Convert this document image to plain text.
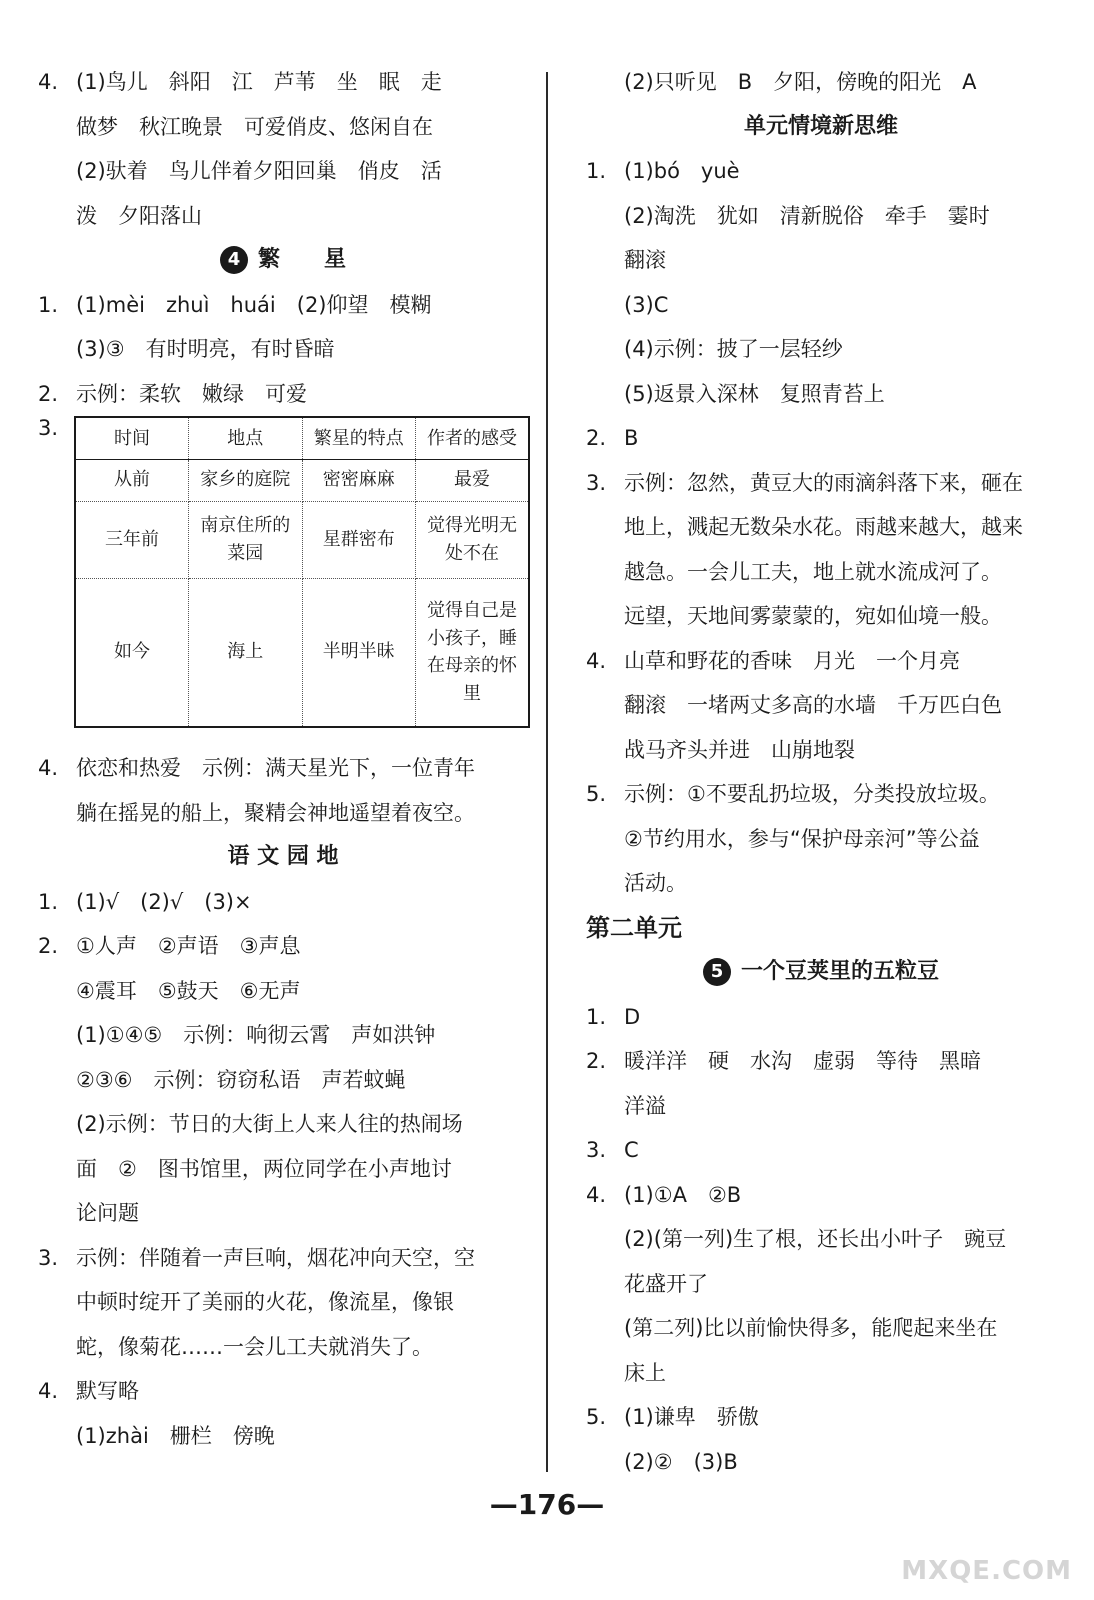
4. (1)鸟儿　斜阳　江　芦苇　坐　眠　走
做梦　秋江晚景　可爱俏皮、悠闲自在
(2)驮着　鸟儿伴着夕阳回巢　俏皮　活
泼　夕阳落山
4 繁　　星
1. (1)mèi　zhuì　huái　(2)仰望　模糊
(3)③　有时明亮，有时昏暗
2. 示例：柔软　嫩绿　可爱
3.	时间	地点	繁星的特点	作者的感受
从前	家乡的庭院	密密麻麻	最爱
三年前	南京住所的菜园	星群密布	觉得光明无处不在
如今	海上	半明半昧	觉得自己是小孩子，睡在母亲的怀里
4. 依恋和热爱　示例：满天星光下，一位青年
躺在摇晃的船上，聚精会神地遥望着夜空。
语 文 园 地
1. (1)√　(2)√　(3)×
2. ①人声　②声语　③声息
④震耳　⑤鼓天　⑥无声
(1)①④⑤　示例：响彻云霄　声如洪钟
②③⑥　示例：窃窃私语　声若蚊蝇
(2)示例：节日的大街上人来人往的热闹场
面　②　图书馆里，两位同学在小声地讨
论问题
3. 示例：伴随着一声巨响，烟花冲向天空，空
中顿时绽开了美丽的火花，像流星，像银
蛇，像菊花……一会儿工夫就消失了。
4. 默写略
(1)zhài　栅栏　傍晚
(2)只听见　B　夕阳，傍晚的阳光　A
单元情境新思维
1. (1)bó　yuè
(2)淘洗　犹如　清新脱俗　牵手　霎时
翻滚
(3)C
(4)示例：披了一层轻纱
(5)返景入深林　复照青苔上
2. B
3. 示例：忽然，黄豆大的雨滴斜落下来，砸在
地上，溅起无数朵水花。雨越来越大，越来
越急。一会儿工夫，地上就水流成河了。
远望，天地间雾蒙蒙的，宛如仙境一般。
4. 山草和野花的香味　月光　一个月亮
翻滚　一堵两丈多高的水墙　千万匹白色
战马齐头并进　山崩地裂
5. 示例：①不要乱扔垃圾，分类投放垃圾。
②节约用水，参与“保护母亲河”等公益
活动。
第二单元
5 一个豆荚里的五粒豆
1. D
2. 暖洋洋　硬　水沟　虚弱　等待　黑暗
洋溢
3. C
4. (1)①A　②B
(2)(第一列)生了根，还长出小叶子　豌豆
花盛开了
(第二列)比以前愉快得多，能爬起来坐在
床上
5. (1)谦卑　骄傲
(2)②　(3)B
—176—
MXQE.COM
